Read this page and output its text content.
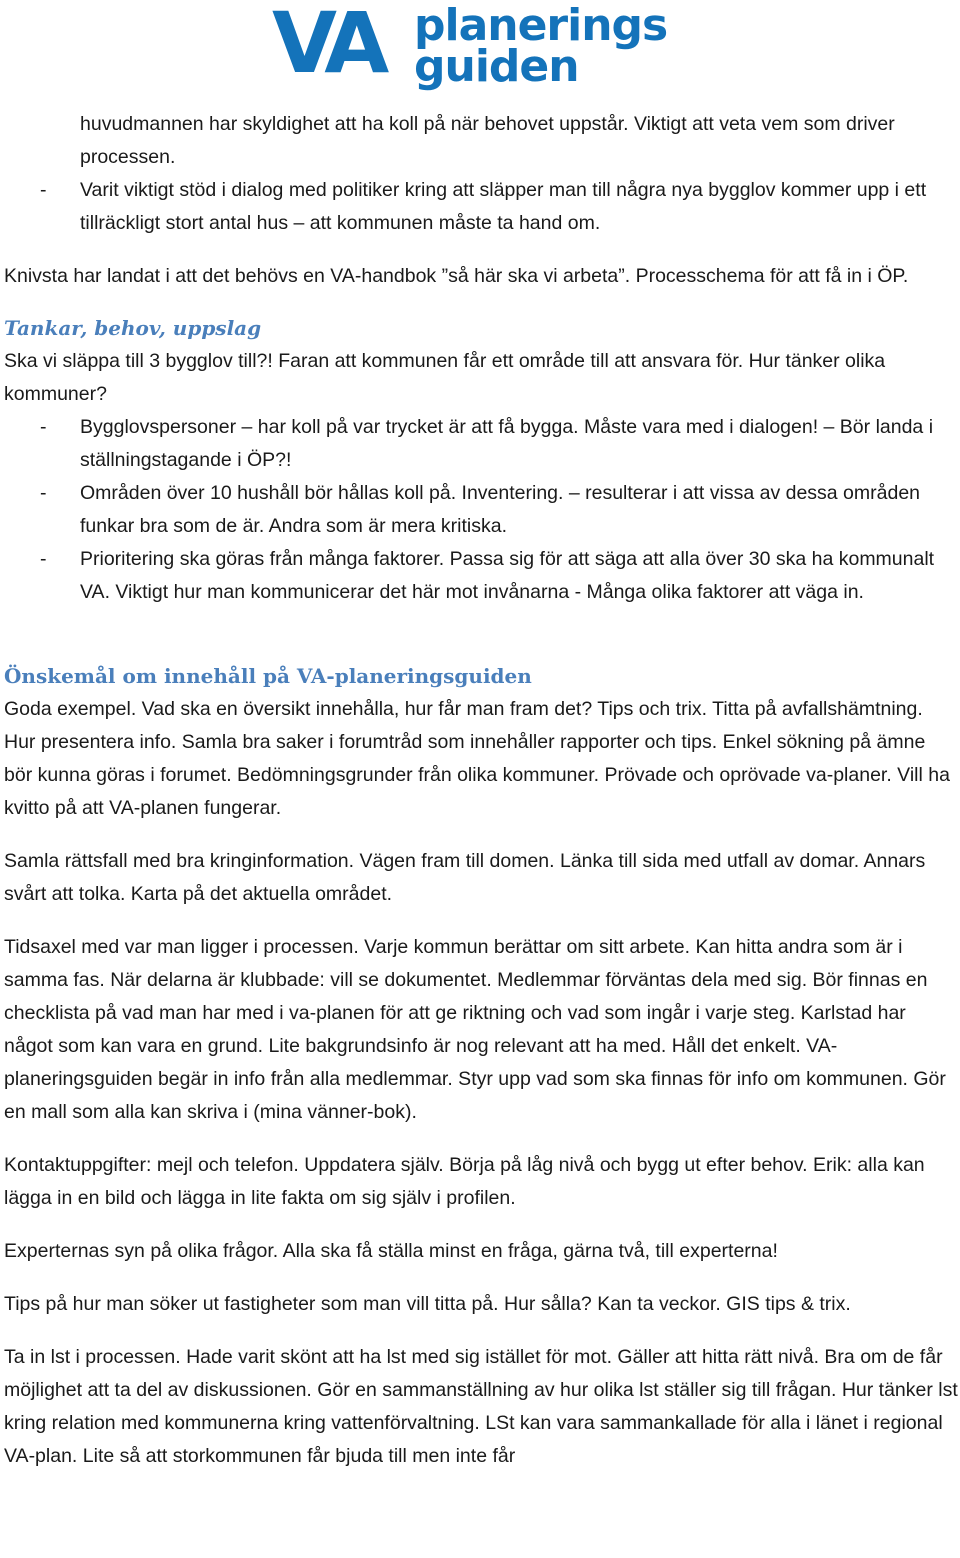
VA planerings
guiden

huvudmannen har skyldighet att ha koll på när behovet uppstår. Viktigt att veta vem som driver processen.

- Varit viktigt stöd i dialog med politiker kring att släpper man till några nya bygglov kommer upp i ett tillräckligt stort antal hus – att kommunen måste ta hand om.

Knivsta har landat i att det behövs en VA-handbok ”så här ska vi arbeta”. Processchema för att få in i ÖP.

Tankar, behov, uppslag

Ska vi släppa till 3 bygglov till?! Faran att kommunen får ett område till att ansvara för. Hur tänker olika kommuner?

- Bygglovspersoner – har koll på var trycket är att få bygga. Måste vara med i dialogen! – Bör landa i ställningstagande i ÖP?!
- Områden över 10 hushåll bör hållas koll på. Inventering. – resulterar i att vissa av dessa områden funkar bra som de är. Andra som är mera kritiska.
- Prioritering ska göras från många faktorer. Passa sig för att säga att alla över 30 ska ha kommunalt VA. Viktigt hur man kommunicerar det här mot invånarna - Många olika faktorer att väga in.
Önskemål om innehåll på VA-planeringsguiden

Goda exempel. Vad ska en översikt innehålla, hur får man fram det? Tips och trix. Titta på avfallshämtning. Hur presentera info. Samla bra saker i forumtråd som innehåller rapporter och tips. Enkel sökning på ämne bör kunna göras i forumet. Bedömningsgrunder från olika kommuner. Prövade och oprövade va-planer. Vill ha kvitto på att VA-planen fungerar.

Samla rättsfall med bra kringinformation. Vägen fram till domen. Länka till sida med utfall av domar. Annars svårt att tolka. Karta på det aktuella området.

Tidsaxel med var man ligger i processen. Varje kommun berättar om sitt arbete. Kan hitta andra som är i samma fas. När delarna är klubbade: vill se dokumentet. Medlemmar förväntas dela med sig. Bör finnas en checklista på vad man har med i va-planen för att ge riktning och vad som ingår i varje steg. Karlstad har något som kan vara en grund. Lite bakgrundsinfo är nog relevant att ha med. Håll det enkelt. VA-planeringsguiden begär in info från alla medlemmar. Styr upp vad som ska finnas för info om kommunen. Gör en mall som alla kan skriva i (mina vänner-bok).

Kontaktuppgifter: mejl och telefon. Uppdatera själv. Börja på låg nivå och bygg ut efter behov. Erik: alla kan lägga in en bild och lägga in lite fakta om sig själv i profilen.

Experternas syn på olika frågor. Alla ska få ställa minst en fråga, gärna två, till experterna!

Tips på hur man söker ut fastigheter som man vill titta på. Hur sålla? Kan ta veckor. GIS tips & trix.

Ta in lst i processen. Hade varit skönt att ha lst med sig istället för mot. Gäller att hitta rätt nivå. Bra om de får möjlighet att ta del av diskussionen. Gör en sammanställning av hur olika lst ställer sig till frågan. Hur tänker lst kring relation med kommunerna kring vattenförvaltning. LSt kan vara sammankallade för alla i länet i regional VA-plan. Lite så att storkommunen får bjuda till men inte får
